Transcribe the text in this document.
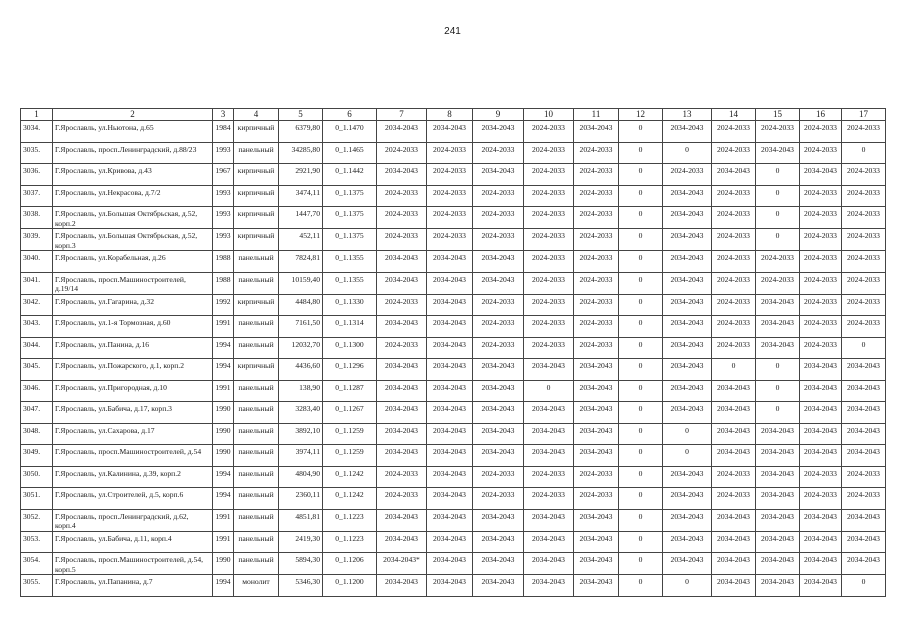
241
1	2	3	4	5	6	7	8	9	10	11	12	13	14	15	16	17
3034.	Г.Ярославль, ул.Ньютона, д.65	1984	кирпичный	6379,80	0_1.1470	2034-2043	2034-2043	2034-2043	2024-2033	2034-2043	0	2034-2043	2024-2033	2024-2033	2024-2033	2024-2033
3035.	Г.Ярославль, просп.Ленинградский, д.88/23	1993	панельный	34285,80	0_1.1465	2024-2033	2024-2033	2024-2033	2024-2033	2024-2033	0	0	2024-2033	2034-2043	2024-2033	0
3036.	Г.Ярославль, ул.Кривова, д.43	1967	кирпичный	2921,90	0_1.1442	2034-2043	2024-2033	2034-2043	2024-2033	2024-2033	0	2024-2033	2034-2043	0	2034-2043	2024-2033
3037.	Г.Ярославль, ул.Некрасова, д.7/2	1993	кирпичный	3474,11	0_1.1375	2024-2033	2024-2033	2024-2033	2024-2033	2024-2033	0	2034-2043	2024-2033	0	2024-2033	2024-2033
3038.	Г.Ярославль, ул.Большая Октябрьская, д.52, корп.2	1993	кирпичный	1447,70	0_1.1375	2024-2033	2024-2033	2024-2033	2024-2033	2024-2033	0	2034-2043	2024-2033	0	2024-2033	2024-2033
3039.	Г.Ярославль, ул.Большая Октябрьская, д.52, корп.3	1993	кирпичный	452,11	0_1.1375	2024-2033	2024-2033	2024-2033	2024-2033	2024-2033	0	2034-2043	2024-2033	0	2024-2033	2024-2033
3040.	Г.Ярославль, ул.Корабельная, д.26	1988	панельный	7824,81	0_1.1355	2034-2043	2034-2043	2034-2043	2024-2033	2024-2033	0	2034-2043	2024-2033	2024-2033	2024-2033	2024-2033
3041.	Г.Ярославль, просп.Машиностроителей, д.19/14	1988	панельный	10159,40	0_1.1355	2034-2043	2034-2043	2034-2043	2024-2033	2024-2033	0	2034-2043	2024-2033	2024-2033	2024-2033	2024-2033
3042.	Г.Ярославль, ул.Гагарина, д.32	1992	кирпичный	4484,80	0_1.1330	2024-2033	2034-2043	2024-2033	2024-2033	2024-2033	0	2034-2043	2024-2033	2034-2043	2024-2033	2024-2033
3043.	Г.Ярославль, ул.1-я Тормозная, д.60	1991	панельный	7161,50	0_1.1314	2034-2043	2034-2043	2024-2033	2024-2033	2024-2033	0	2034-2043	2024-2033	2034-2043	2024-2033	2024-2033
3044.	Г.Ярославль, ул.Панина, д.16	1994	панельный	12032,70	0_1.1300	2024-2033	2034-2043	2024-2033	2024-2033	2024-2033	0	2034-2043	2024-2033	2034-2043	2024-2033	0
3045.	Г.Ярославль, ул.Пожарского, д.1, корп.2	1994	кирпичный	4436,60	0_1.1296	2034-2043	2034-2043	2034-2043	2034-2043	2034-2043	0	2034-2043	0	0	2034-2043	2034-2043
3046.	Г.Ярославль, ул.Пригородная, д.10	1991	панельный	138,90	0_1.1287	2034-2043	2034-2043	2034-2043	0	2034-2043	0	2034-2043	2034-2043	0	2034-2043	2034-2043
3047.	Г.Ярославль, ул.Бабича, д.17, корп.3	1990	панельный	3283,40	0_1.1267	2034-2043	2034-2043	2034-2043	2034-2043	2034-2043	0	2034-2043	2034-2043	0	2034-2043	2034-2043
3048.	Г.Ярославль, ул.Сахарова, д.17	1990	панельный	3892,10	0_1.1259	2034-2043	2034-2043	2034-2043	2034-2043	2034-2043	0	0	2034-2043	2034-2043	2034-2043	2034-2043
3049.	Г.Ярославль, просп.Машиностроителей, д.54	1990	панельный	3974,11	0_1.1259	2034-2043	2034-2043	2034-2043	2034-2043	2034-2043	0	0	2034-2043	2034-2043	2034-2043	2034-2043
3050.	Г.Ярославль, ул.Калинина, д.39, корп.2	1994	панельный	4804,90	0_1.1242	2024-2033	2034-2043	2024-2033	2024-2033	2024-2033	0	2034-2043	2024-2033	2034-2043	2024-2033	2024-2033
3051.	Г.Ярославль, ул.Строителей, д.5, корп.6	1994	панельный	2360,11	0_1.1242	2024-2033	2034-2043	2024-2033	2024-2033	2024-2033	0	2034-2043	2024-2033	2034-2043	2024-2033	2024-2033
3052.	Г.Ярославль, просп.Ленинградский, д.62, корп.4	1991	панельный	4851,81	0_1.1223	2034-2043	2034-2043	2034-2043	2034-2043	2034-2043	0	2034-2043	2034-2043	2034-2043	2034-2043	2034-2043
3053.	Г.Ярославль, ул.Бабича, д.11, корп.4	1991	панельный	2419,30	0_1.1223	2034-2043	2034-2043	2034-2043	2034-2043	2034-2043	0	2034-2043	2034-2043	2034-2043	2034-2043	2034-2043
3054.	Г.Ярославль, просп.Машиностроителей, д.54, корп.5	1990	панельный	5894,30	0_1.1206	2034-2043*	2034-2043	2034-2043	2034-2043	2034-2043	0	2034-2043	2034-2043	2034-2043	2034-2043	2034-2043
3055.	Г.Ярославль, ул.Папанина, д.7	1994	монолит	5346,30	0_1.1200	2034-2043	2034-2043	2034-2043	2034-2043	2034-2043	0	0	2034-2043	2034-2043	2034-2043	0
